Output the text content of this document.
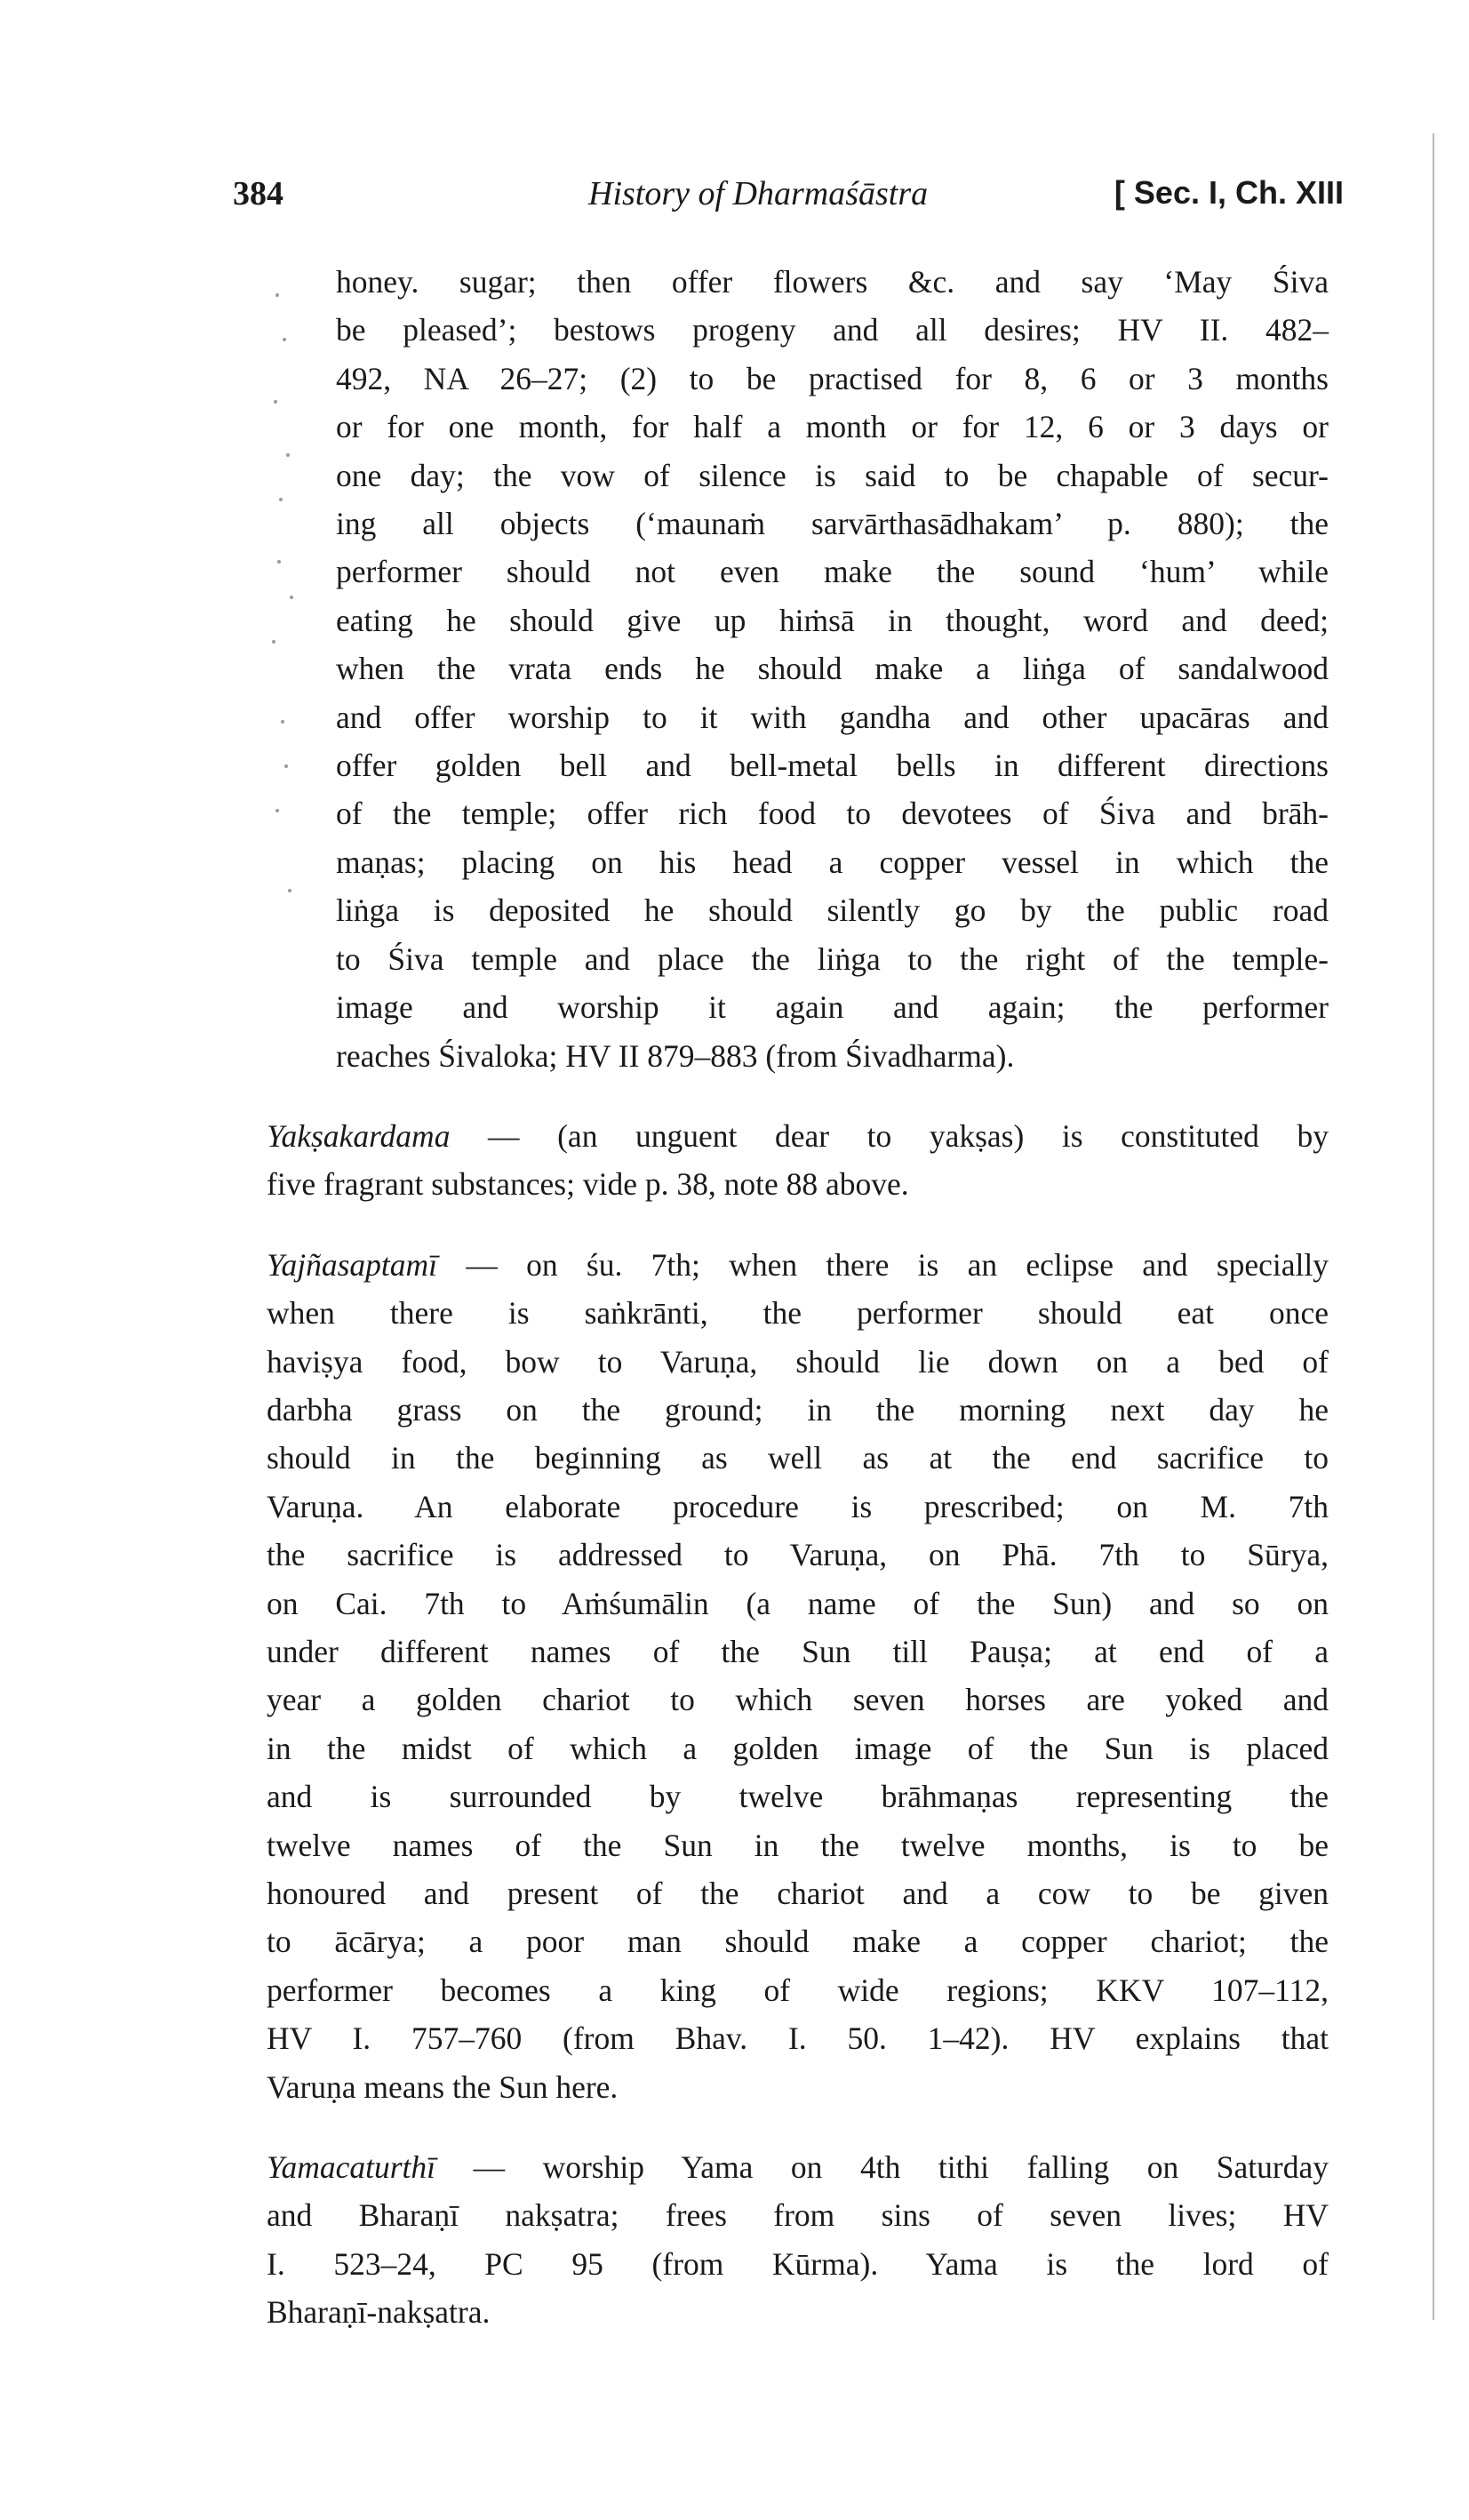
384	History of Dharmaśāstra	[ Sec. I, Ch. XIII
honey. sugar; then offer flowers &c. and say ‘May Śiva
be pleased’; bestows progeny and all desires; HV II. 482–
492, NA 26–27; (2) to be practised for 8, 6 or 3 months
or for one month, for half a month or for 12, 6 or 3 days or
one day; the vow of silence is said to be chapable of secur-
ing all objects (‘maunaṁ sarvārthasādhakam’ p. 880); the
performer should not even make the sound ‘hum’ while
eating he should give up hiṁsā in thought, word and deed;
when the vrata ends he should make a liṅga of sandalwood
and offer worship to it with gandha and other upacāras and
offer golden bell and bell-metal bells in different directions
of the temple; offer rich food to devotees of Śiva and brāh-
maṇas; placing on his head a copper vessel in which the
liṅga is deposited he should silently go by the public road
to Śiva temple and place the liṅga to the right of the temple-
image and worship it again and again; the performer
reaches Śivaloka; HV II 879–883 (from Śivadharma).
Yakṣakardama — (an unguent dear to yakṣas) is constituted by
five fragrant substances; vide p. 38, note 88 above.
Yajñasaptamī — on śu. 7th; when there is an eclipse and specially
when there is saṅkrānti, the performer should eat once
haviṣya food, bow to Varuṇa, should lie down on a bed of
darbha grass on the ground; in the morning next day he
should in the beginning as well as at the end sacrifice to
Varuṇa. An elaborate procedure is prescribed; on M. 7th
the sacrifice is addressed to Varuṇa, on Phā. 7th to Sūrya,
on Cai. 7th to Aṁśumālin (a name of the Sun) and so on
under different names of the Sun till Pauṣa; at end of a
year a golden chariot to which seven horses are yoked and
in the midst of which a golden image of the Sun is placed
and is surrounded by twelve brāhmaṇas representing the
twelve names of the Sun in the twelve months, is to be
honoured and present of the chariot and a cow to be given
to ācārya; a poor man should make a copper chariot; the
performer becomes a king of wide regions; KKV 107–112,
HV I. 757–760 (from Bhav. I. 50. 1–42). HV explains that
Varuṇa means the Sun here.
Yamacaturthī — worship Yama on 4th tithi falling on Saturday
and Bharaṇī nakṣatra; frees from sins of seven lives; HV
I. 523–24, PC 95 (from Kūrma). Yama is the lord of
Bharaṇī-nakṣatra.
